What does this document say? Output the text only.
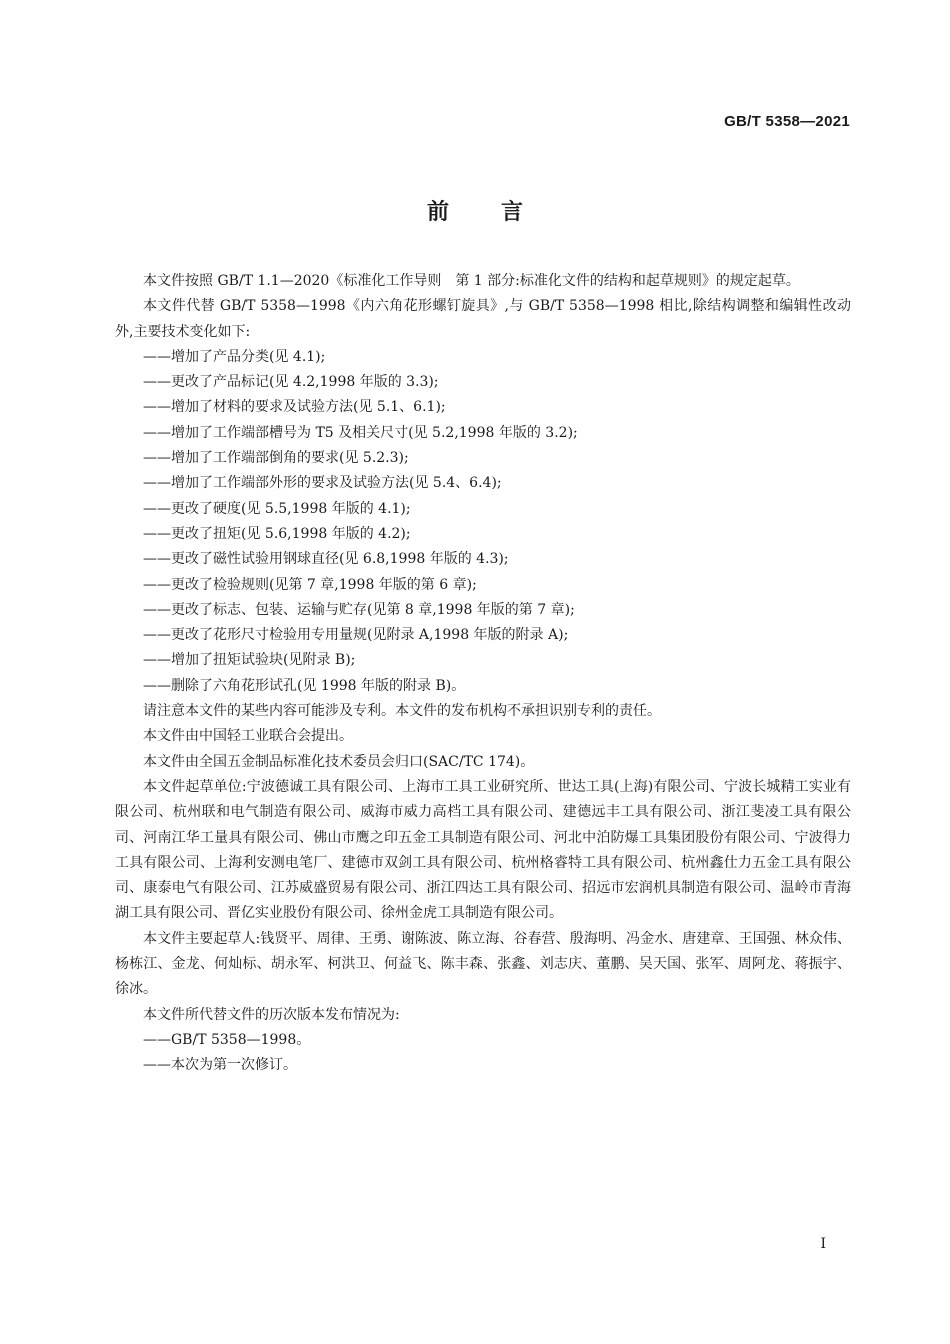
GB/T 5358—2021
前言

本文件按照 GB/T 1.1—2020《标准化工作导则　第 1 部分:标准化文件的结构和起草规则》的规定起草。

本文件代替 GB/T 5358—1998《内六角花形螺钉旋具》,与 GB/T 5358—1998 相比,除结构调整和编辑性改动外,主要技术变化如下:

——增加了产品分类(见 4.1);

——更改了产品标记(见 4.2,1998 年版的 3.3);

——增加了材料的要求及试验方法(见 5.1、6.1);

——增加了工作端部槽号为 T5 及相关尺寸(见 5.2,1998 年版的 3.2);

——增加了工作端部倒角的要求(见 5.2.3);

——增加了工作端部外形的要求及试验方法(见 5.4、6.4);

——更改了硬度(见 5.5,1998 年版的 4.1);

——更改了扭矩(见 5.6,1998 年版的 4.2);

——更改了磁性试验用钢球直径(见 6.8,1998 年版的 4.3);

——更改了检验规则(见第 7 章,1998 年版的第 6 章);

——更改了标志、包装、运输与贮存(见第 8 章,1998 年版的第 7 章);

——更改了花形尺寸检验用专用量规(见附录 A,1998 年版的附录 A);

——增加了扭矩试验块(见附录 B);

——删除了六角花形试孔(见 1998 年版的附录 B)。

请注意本文件的某些内容可能涉及专利。本文件的发布机构不承担识别专利的责任。

本文件由中国轻工业联合会提出。

本文件由全国五金制品标准化技术委员会归口(SAC/TC 174)。

本文件起草单位:宁波德诚工具有限公司、上海市工具工业研究所、世达工具(上海)有限公司、宁波长城精工实业有限公司、杭州联和电气制造有限公司、威海市威力高档工具有限公司、建德远丰工具有限公司、浙江斐凌工具有限公司、河南江华工量具有限公司、佛山市鹰之印五金工具制造有限公司、河北中泊防爆工具集团股份有限公司、宁波得力工具有限公司、上海利安测电笔厂、建德市双剑工具有限公司、杭州格睿特工具有限公司、杭州鑫仕力五金工具有限公司、康泰电气有限公司、江苏威盛贸易有限公司、浙江四达工具有限公司、招远市宏润机具制造有限公司、温岭市青海湖工具有限公司、晋亿实业股份有限公司、徐州金虎工具制造有限公司。

本文件主要起草人:钱贤平、周律、王勇、谢陈波、陈立海、谷春营、殷海明、冯金水、唐建章、王国强、林众伟、杨栋江、金龙、何灿标、胡永军、柯洪卫、何益飞、陈丰森、张鑫、刘志庆、董鹏、吴天国、张军、周阿龙、蒋振宇、徐冰。

本文件所代替文件的历次版本发布情况为:

——GB/T 5358—1998。

——本次为第一次修订。

I
